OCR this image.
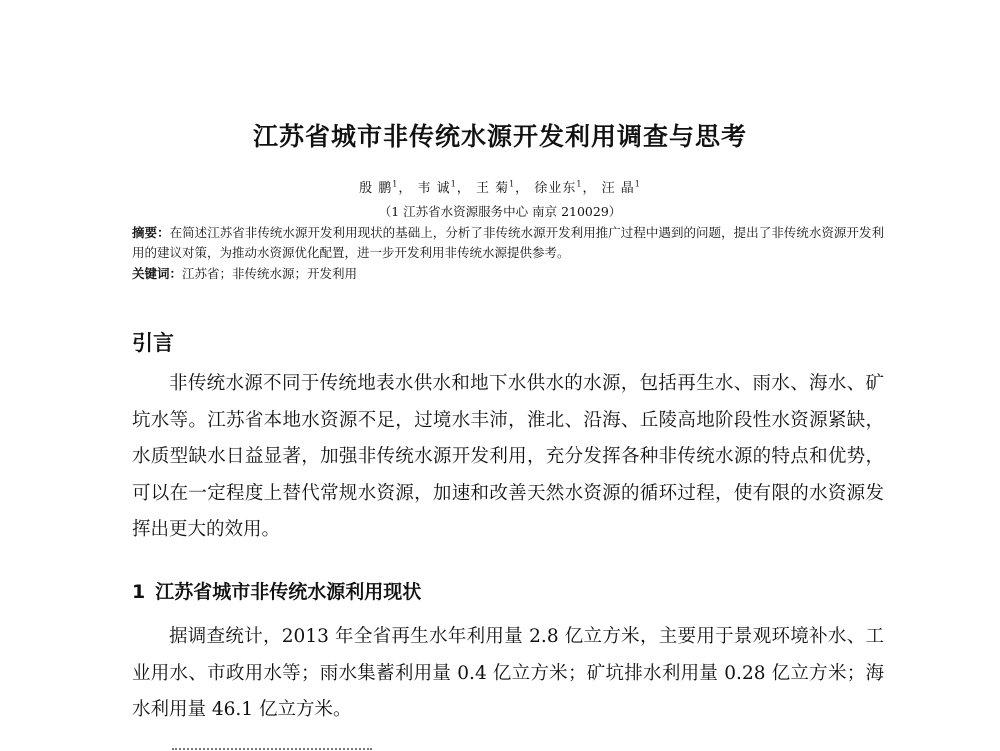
江苏省城市非传统水源开发利用调查与思考
殷 鹏$^1$， 韦 诚$^1$， 王 菊$^1$， 徐业东$^1$， 汪 晶$^1$
（1 江苏省水资源服务中心 南京 210029）
摘要：在简述江苏省非传统水源开发利用现状的基础上，分析了非传统水源开发利用推广过程中遇到的问题，提出了非传统水资源开发利用的建议对策，为推动水资源优化配置，进一步开发利用非传统水源提供参考。
关键词：江苏省；非传统水源；开发利用
引言

非传统水源不同于传统地表水供水和地下水供水的水源，包括再生水、雨水、海水、矿坑水等。江苏省本地水资源不足，过境水丰沛，淮北、沿海、丘陵高地阶段性水资源紧缺，水质型缺水日益显著，加强非传统水源开发利用，充分发挥各种非传统水源的特点和优势，可以在一定程度上替代常规水资源，加速和改善天然水资源的循环过程，使有限的水资源发挥出更大的效用。

1 江苏省城市非传统水源利用现状

据调查统计，2013 年全省再生水年利用量 2.8 亿立方米，主要用于景观环境补水、工业用水、市政用水等；雨水集蓄利用量 0.4 亿立方米；矿坑排水利用量 0.28 亿立方米；海水利用量 46.1 亿立方米。
